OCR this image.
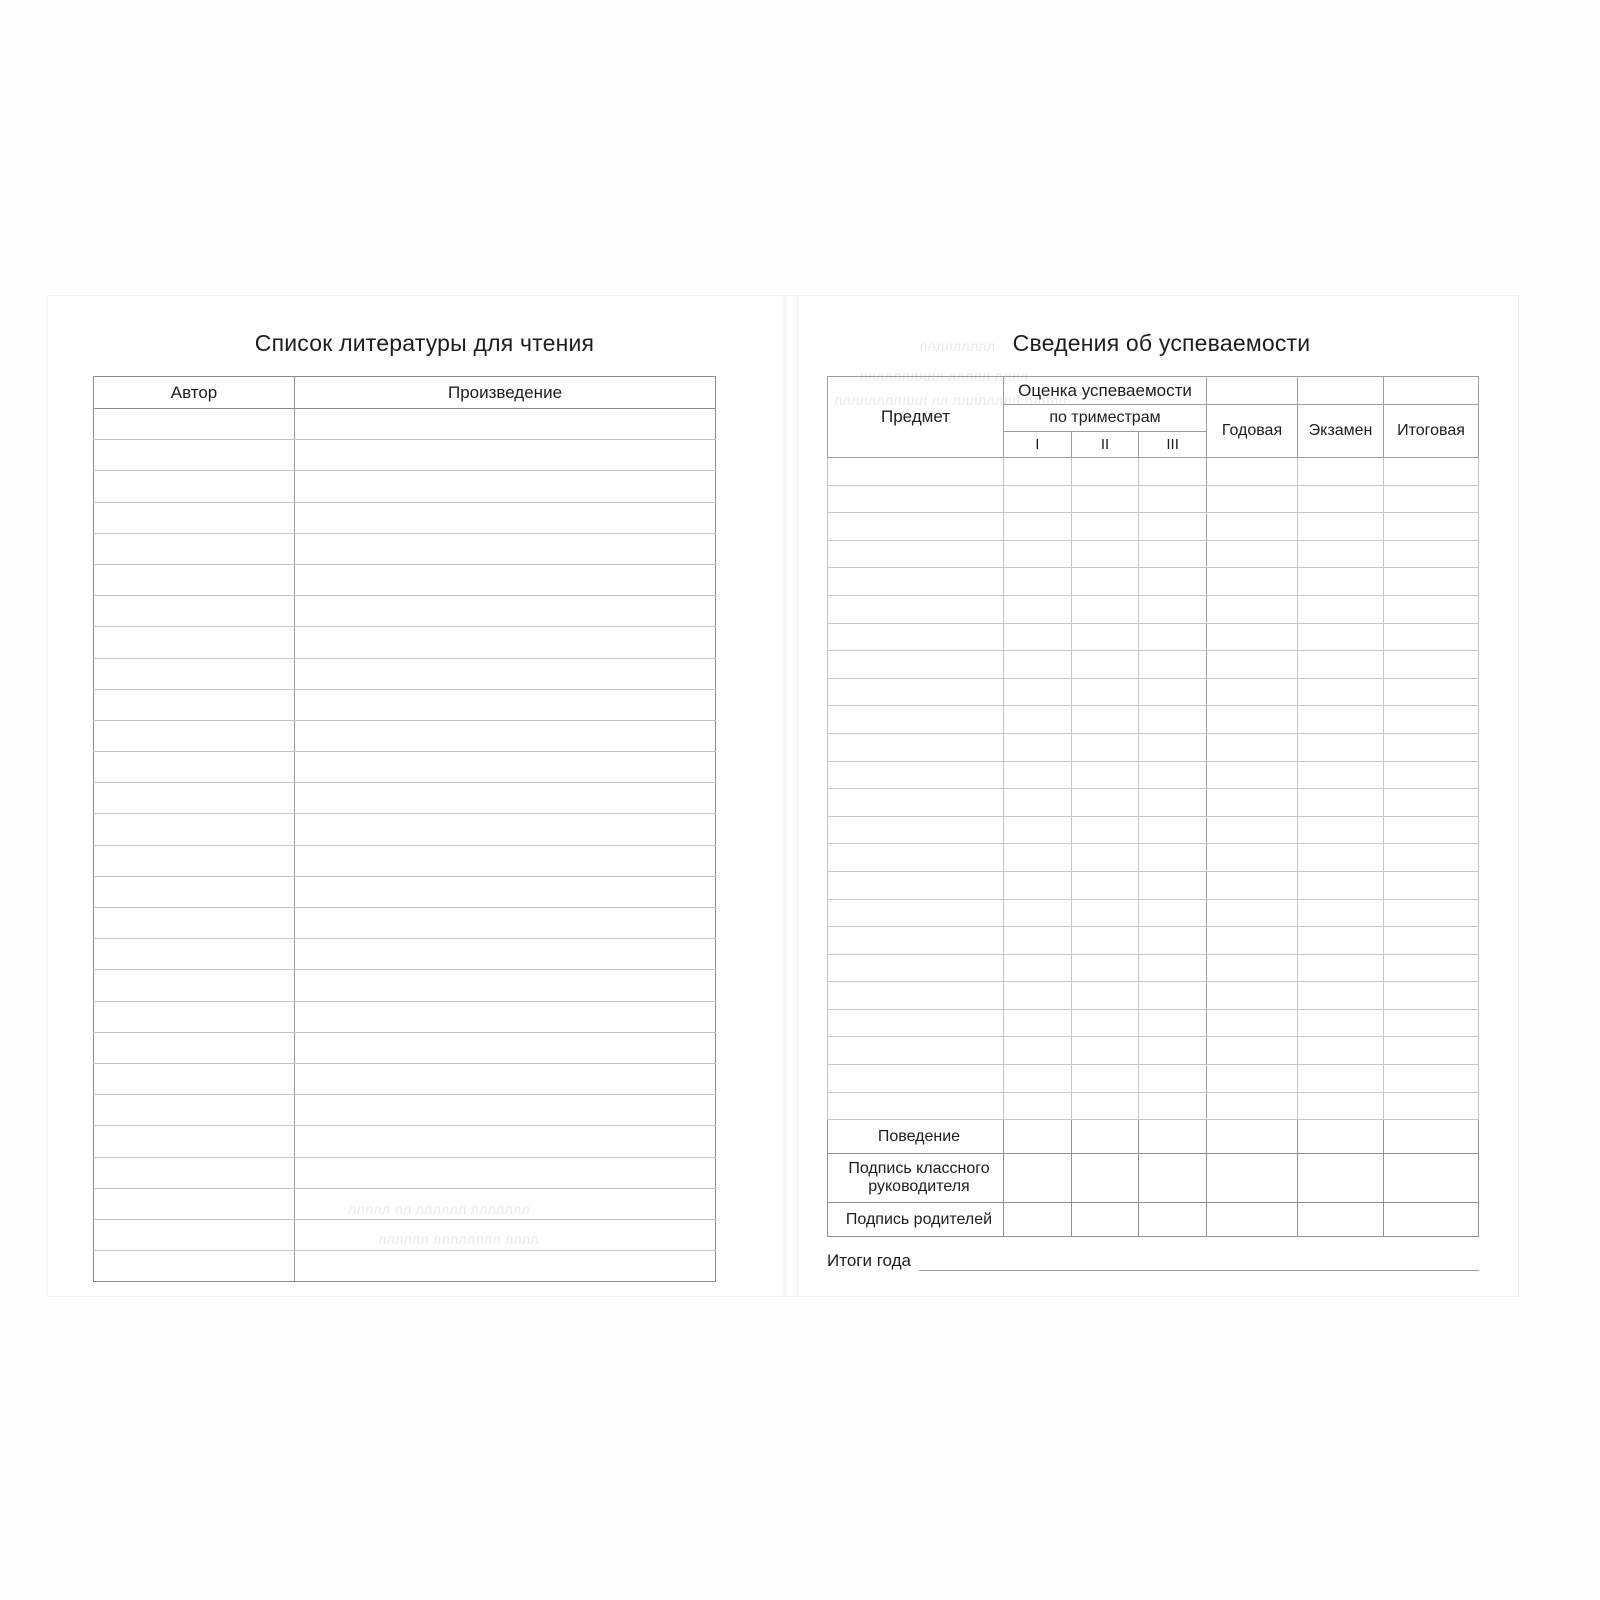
Список литературы для чтения
Автор	Произведение

ллллл лл лллллл ллллллл
лллллл лллллллл лллл
Сведения об успеваемости
ллллллллл
лллллллллл ллллл лллл
ллллллллллл лл лллллллл ллллл
Предмет	Оценка успеваемости					
	по триместрам			Годовая	Экзамен	Итоговая
	I	II	III			

Поведение						
Подпись классного руководителя						
Подпись родителей						
Итоги года
